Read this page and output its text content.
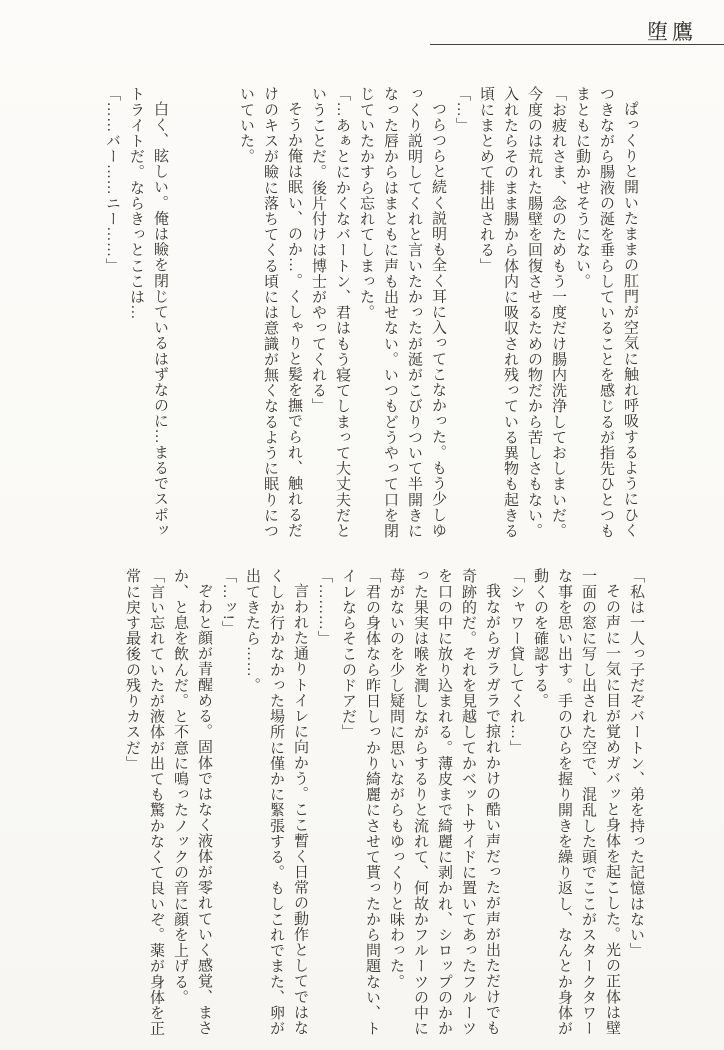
堕鷹

ぱっくりと開いたままの肛門が空気に触れ呼吸するようにひくつきながら腸液の涎を垂らしていることを感じるが指先ひとつもまともに動かせそうにない。

「お疲れさま、念のためもう一度だけ腸内洗浄しておしまいだ。今度のは荒れた腸壁を回復させるための物だから苦しさもない。入れたらそのまま腸から体内に吸収され残っている異物も起きる頃にまとめて排出される」

「…」

つらつらと続く説明も全く耳に入ってこなかった。もう少しゆっくり説明してくれと言いたかったが涎がこびりついて半開きになった唇からはまともに声も出せない。いつもどうやって口を閉じていたかすら忘れてしまった。

「…あぁとにかくなバートン、君はもう寝てしまって大丈夫だということだ。後片付けは博士がやってくれる」

そうか俺は眠い、のか…。くしゃりと髪を撫でられ、触れるだけのキスが瞼に落ちてくる頃には意識が無くなるように眠りについていた。

白く、眩しい。俺は瞼を閉じているはずなのに…まるでスポットライトだ。ならきっとここは…

「……バー……ニー……」

「私は一人っ子だぞバートン、弟を持った記憶はない」

その声に一気に目が覚めガバッと身体を起こした。光の正体は壁一面の窓に写し出された空で、混乱した頭でここがスタークタワーな事を思い出す。手のひらを握り開きを繰り返し、なんとか身体が動くのを確認する。

「シャワー貸してくれ…」

我ながらガラガラで掠れかけの酷い声だったが声が出ただけでも奇跡的だ。それを見越してかベットサイドに置いてあったフルーツを口の中に放り込まれる。薄皮まで綺麗に剥かれ、シロップのかかった果実は喉を潤しながらするりと流れて、何故かフルーツの中に苺がないのを少し疑問に思いながらもゆっくりと味わった。

「君の身体なら昨日しっかり綺麗にさせて貰ったから問題ない、トイレならそこのドアだ」

「………」

言われた通りトイレに向かう。ここ暫く日常の動作としてではなくしか行かなかった場所に僅かに緊張する。もしこれでまた、卵が出てきたら……。

「…ッ!」

ぞわと顔が青醒める。固体ではなく液体が零れていく感覚、まさか、と息を飲んだ。と不意に鳴ったノックの音に顔を上げる。

「言い忘れていたが液体が出ても驚かなくて良いぞ。薬が身体を正常に戻す最後の残りカスだ」
